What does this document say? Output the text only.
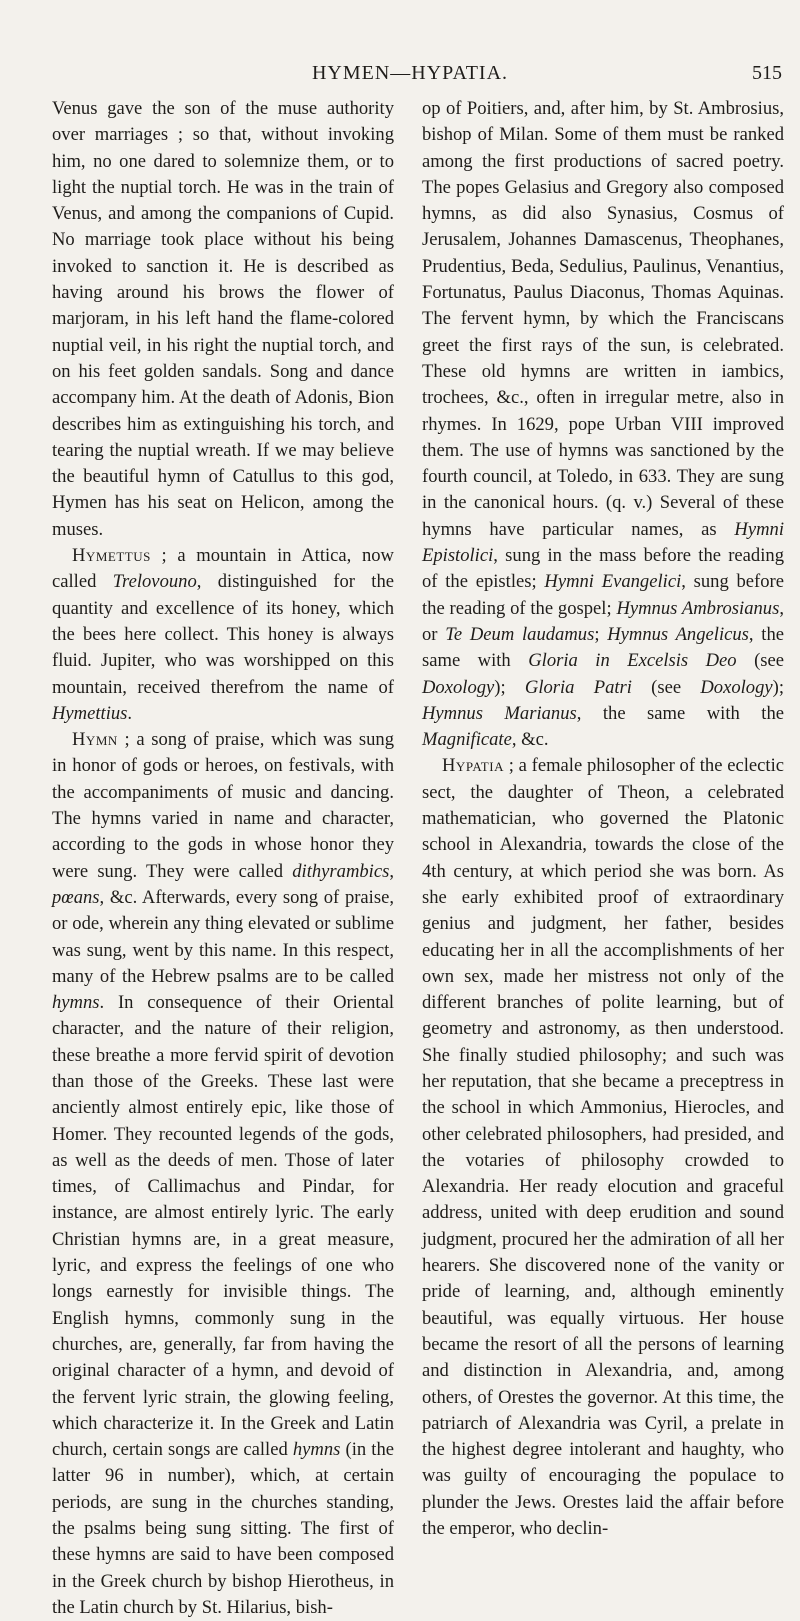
HYMEN—HYPATIA.	515

Venus gave the son of the muse authority over marriages ; so that, without invoking him, no one dared to solemnize them, or to light the nuptial torch. He was in the train of Venus, and among the companions of Cupid. No marriage took place without his being invoked to sanction it. He is described as having around his brows the flower of marjoram, in his left hand the flame-colored nuptial veil, in his right the nuptial torch, and on his feet golden sandals. Song and dance accompany him. At the death of Adonis, Bion describes him as extinguishing his torch, and tearing the nuptial wreath. If we may believe the beautiful hymn of Catullus to this god, Hymen has his seat on Helicon, among the muses.

Hymettus ; a mountain in Attica, now called Trelovouno, distinguished for the quantity and excellence of its honey, which the bees here collect. This honey is always fluid. Jupiter, who was worshipped on this mountain, received therefrom the name of Hymettius.

Hymn ; a song of praise, which was sung in honor of gods or heroes, on festivals, with the accompaniments of music and dancing. The hymns varied in name and character, according to the gods in whose honor they were sung. They were called dithyrambics, pœans, &c. Afterwards, every song of praise, or ode, wherein any thing elevated or sublime was sung, went by this name. In this respect, many of the Hebrew psalms are to be called hymns. In consequence of their Oriental character, and the nature of their religion, these breathe a more fervid spirit of devotion than those of the Greeks. These last were anciently almost entirely epic, like those of Homer. They recounted legends of the gods, as well as the deeds of men. Those of later times, of Callimachus and Pindar, for instance, are almost entirely lyric. The early Christian hymns are, in a great measure, lyric, and express the feelings of one who longs earnestly for invisible things. The English hymns, commonly sung in the churches, are, generally, far from having the original character of a hymn, and devoid of the fervent lyric strain, the glowing feeling, which characterize it. In the Greek and Latin church, certain songs are called hymns (in the latter 96 in number), which, at certain periods, are sung in the churches standing, the psalms being sung sitting. The first of these hymns are said to have been composed in the Greek church by bishop Hierotheus, in the Latin church by St. Hilarius, bish-

op of Poitiers, and, after him, by St. Ambrosius, bishop of Milan. Some of them must be ranked among the first productions of sacred poetry. The popes Gelasius and Gregory also composed hymns, as did also Synasius, Cosmus of Jerusalem, Johannes Damascenus, Theophanes, Prudentius, Beda, Sedulius, Paulinus, Venantius, Fortunatus, Paulus Diaconus, Thomas Aquinas. The fervent hymn, by which the Franciscans greet the first rays of the sun, is celebrated. These old hymns are written in iambics, trochees, &c., often in irregular metre, also in rhymes. In 1629, pope Urban VIII improved them. The use of hymns was sanctioned by the fourth council, at Toledo, in 633. They are sung in the canonical hours. (q. v.) Several of these hymns have particular names, as Hymni Epistolici, sung in the mass before the reading of the epistles; Hymni Evangelici, sung before the reading of the gospel; Hymnus Ambrosianus, or Te Deum laudamus; Hymnus Angelicus, the same with Gloria in Excelsis Deo (see Doxology); Gloria Patri (see Doxology); Hymnus Marianus, the same with the Magnificate, &c.

Hypatia ; a female philosopher of the eclectic sect, the daughter of Theon, a celebrated mathematician, who governed the Platonic school in Alexandria, towards the close of the 4th century, at which period she was born. As she early exhibited proof of extraordinary genius and judgment, her father, besides educating her in all the accomplishments of her own sex, made her mistress not only of the different branches of polite learning, but of geometry and astronomy, as then understood. She finally studied philosophy; and such was her reputation, that she became a preceptress in the school in which Ammonius, Hierocles, and other celebrated philosophers, had presided, and the votaries of philosophy crowded to Alexandria. Her ready elocution and graceful address, united with deep erudition and sound judgment, procured her the admiration of all her hearers. She discovered none of the vanity or pride of learning, and, although eminently beautiful, was equally virtuous. Her house became the resort of all the persons of learning and distinction in Alexandria, and, among others, of Orestes the governor. At this time, the patriarch of Alexandria was Cyril, a prelate in the highest degree intolerant and haughty, who was guilty of encouraging the populace to plunder the Jews. Orestes laid the affair before the emperor, who declin-
